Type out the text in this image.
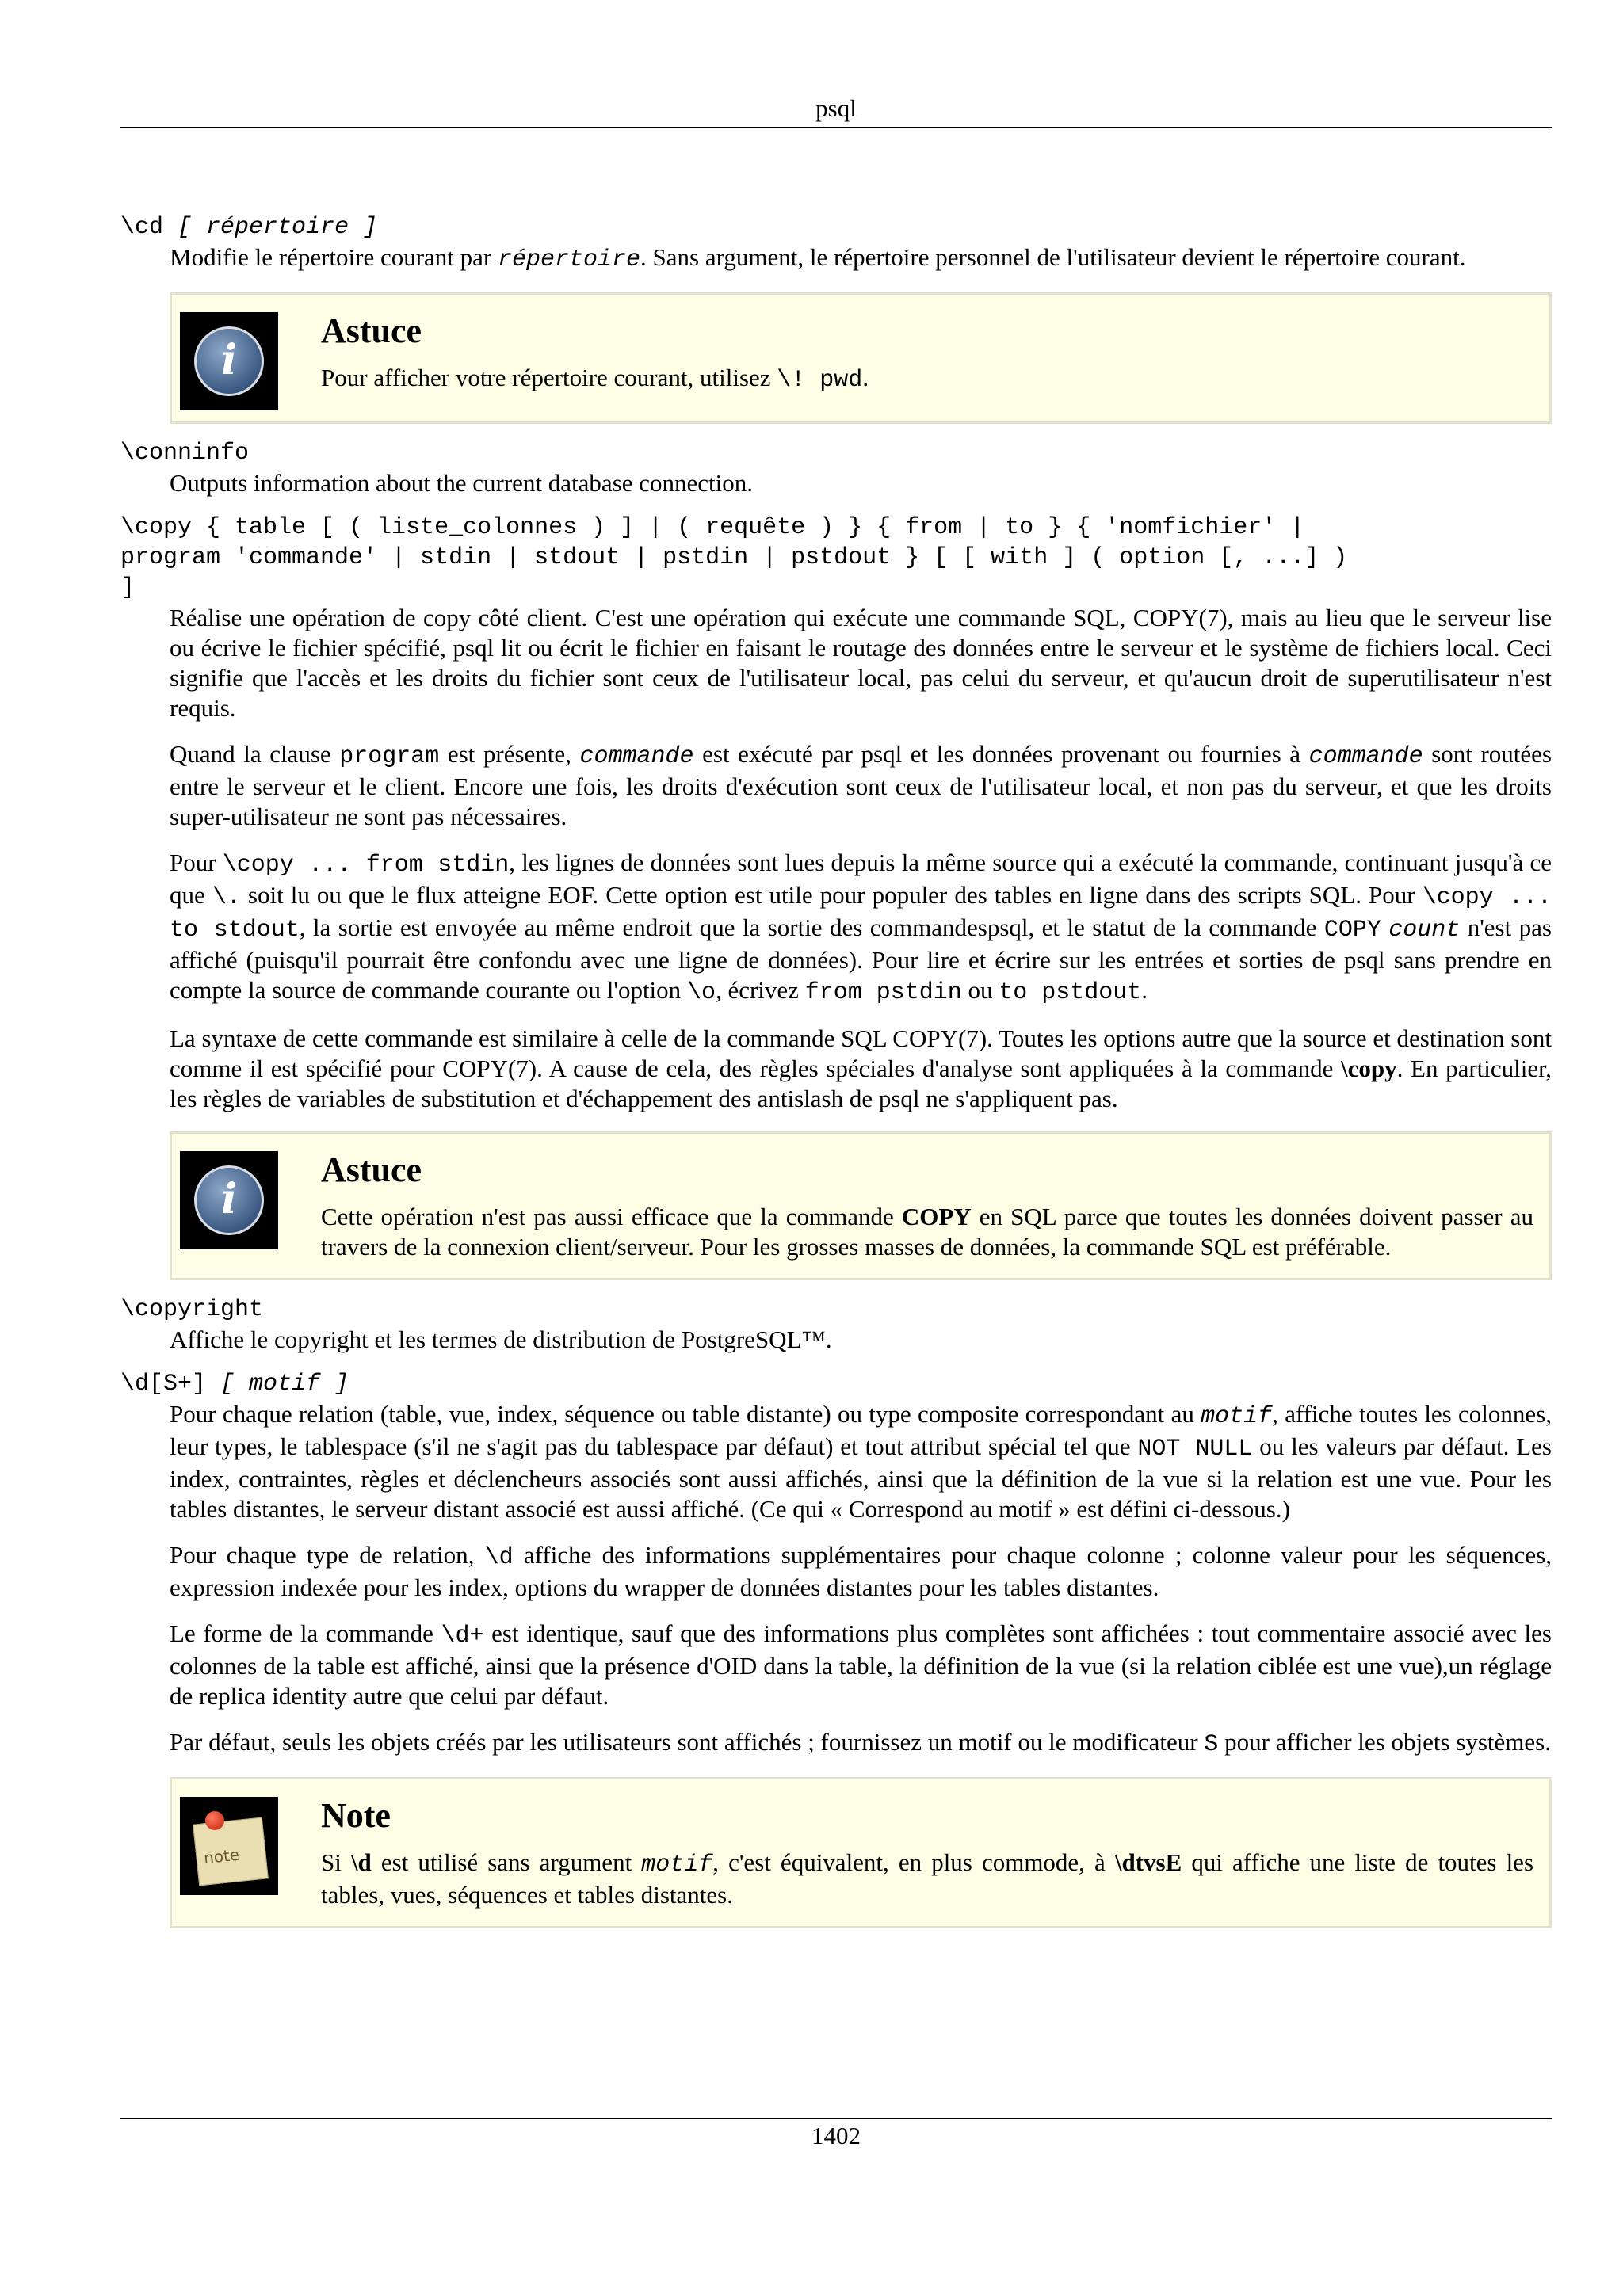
psql
\cd [ répertoire ]

Modifie le répertoire courant par répertoire. Sans argument, le répertoire personnel de l'utilisateur devient le répertoire courant.

i
Astuce
Pour afficher votre répertoire courant, utilisez \! pwd.
\conninfo

Outputs information about the current database connection.

\copy { table [ ( liste_colonnes ) ] | ( requête ) } { from | to } { 'nomfichier' |
program 'commande' | stdin | stdout | pstdin | pstdout } [ [ with ] ( option [, ...] )
]

Réalise une opération de copy côté client. C'est une opération qui exécute une commande SQL, COPY(7), mais au lieu que le serveur lise ou écrive le fichier spécifié, psql lit ou écrit le fichier en faisant le routage des données entre le serveur et le système de fichiers local. Ceci signifie que l'accès et les droits du fichier sont ceux de l'utilisateur local, pas celui du serveur, et qu'aucun droit de superutilisateur n'est requis.

Quand la clause program est présente, commande est exécuté par psql et les données provenant ou fournies à commande sont routées entre le serveur et le client. Encore une fois, les droits d'exécution sont ceux de l'utilisateur local, et non pas du serveur, et que les droits super-utilisateur ne sont pas nécessaires.

Pour \copy ... from stdin, les lignes de données sont lues depuis la même source qui a exécuté la commande, continuant jusqu'à ce que \. soit lu ou que le flux atteigne EOF. Cette option est utile pour populer des tables en ligne dans des scripts SQL. Pour \copy ... to stdout, la sortie est envoyée au même endroit que la sortie des commandespsql, et le statut de la commande COPY count n'est pas affiché (puisqu'il pourrait être confondu avec une ligne de données). Pour lire et écrire sur les entrées et sorties de psql sans prendre en compte la source de commande courante ou l'option \o, écrivez from pstdin ou to pstdout.

La syntaxe de cette commande est similaire à celle de la commande SQL COPY(7). Toutes les options autre que la source et destination sont comme il est spécifié pour COPY(7). A cause de cela, des règles spéciales d'analyse sont appliquées à la commande \copy. En particulier, les règles de variables de substitution et d'échappement des antislash de psql ne s'appliquent pas.

i
Astuce
Cette opération n'est pas aussi efficace que la commande COPY en SQL parce que toutes les données doivent passer au travers de la connexion client/serveur. Pour les grosses masses de données, la commande SQL est préférable.
\copyright

Affiche le copyright et les termes de distribution de PostgreSQL™.

\d[S+] [ motif ]

Pour chaque relation (table, vue, index, séquence ou table distante) ou type composite correspondant au motif, affiche toutes les colonnes, leur types, le tablespace (s'il ne s'agit pas du tablespace par défaut) et tout attribut spécial tel que NOT NULL ou les valeurs par défaut. Les index, contraintes, règles et déclencheurs associés sont aussi affichés, ainsi que la définition de la vue si la relation est une vue. Pour les tables distantes, le serveur distant associé est aussi affiché. (Ce qui « Correspond au motif » est défini ci-dessous.)

Pour chaque type de relation, \d affiche des informations supplémentaires pour chaque colonne ; colonne valeur pour les séquences, expression indexée pour les index, options du wrapper de données distantes pour les tables distantes.

Le forme de la commande \d+ est identique, sauf que des informations plus complètes sont affichées : tout commentaire associé avec les colonnes de la table est affiché, ainsi que la présence d'OID dans la table, la définition de la vue (si la relation ciblée est une vue),un réglage de replica identity autre que celui par défaut.

Par défaut, seuls les objets créés par les utilisateurs sont affichés ; fournissez un motif ou le modificateur S pour afficher les objets systèmes.

note
Note
Si \d est utilisé sans argument motif, c'est équivalent, en plus commode, à \dtvsE qui affiche une liste de toutes les tables, vues, séquences et tables distantes.
1402
